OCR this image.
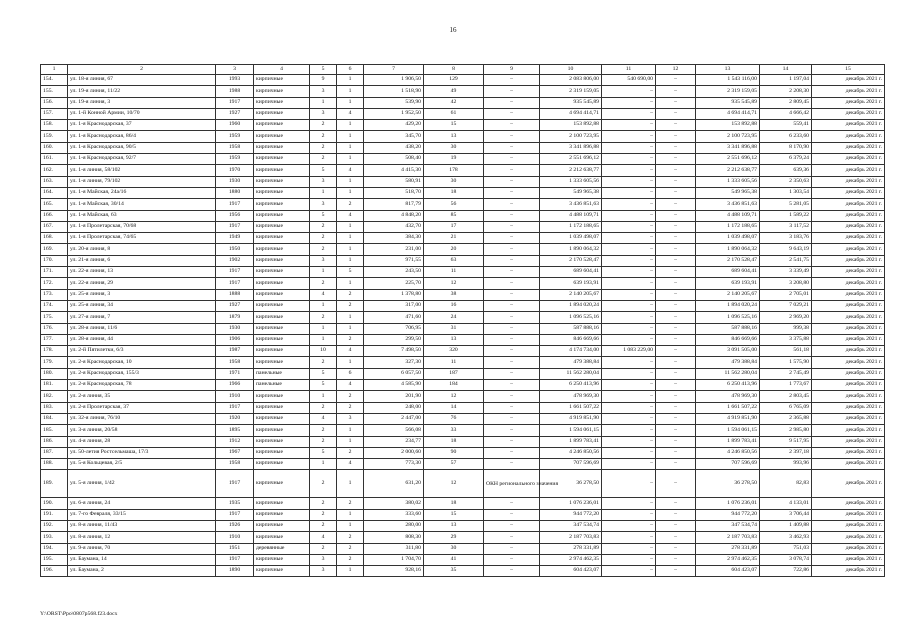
16
1	2	3	4	5	6	7	8	9	10	11	12	13	14	15
154.	ул. 18-я линия, 67	1993	кирпичные	9	1	1 906,50	129	–	2 083 806,00	540 690,00	–	1 543 116,00	1 197,04	декабрь 2021 г.
155.	ул. 19-я линия, 11/22	1988	кирпичные	3	1	1 518,90	49	–	2 319 159,05	–	–	2 319 159,05	2 208,30	декабрь 2021 г.
156.	ул. 19-я линия, 3	1917	кирпичные	1	1	539,90	42	–	935 545,89	–	–	935 545,89	2 809,45	декабрь 2021 г.
157.	ул. 1-й Конной Армии, 10/70	1927	кирпичные	3	4	1 952,50	61	–	4 694 414,71	–	–	4 694 414,71	4 666,42	декабрь 2021 г.
158.	ул. 1-я Краснодарская, 37	1960	кирпичные	2	1	429,20	15	–	153 892,88	–	–	153 892,88	559,41	декабрь 2021 г.
159.	ул. 1-я Краснодарская, 86/4	1959	кирпичные	2	1	345,70	13	–	2 100 723,95	–	–	2 100 723,95	6 233,60	декабрь 2021 г.
160.	ул. 1-я Краснодарская, 90/5	1958	кирпичные	2	1	438,20	30	–	3 341 896,88	–	–	3 341 896,88	8 170,90	декабрь 2021 г.
161.	ул. 1-я Краснодарская, 92/7	1959	кирпичные	2	1	508,40	19	–	2 551 696,12	–	–	2 551 696,12	6 379,24	декабрь 2021 г.
162.	ул. 1-я линия, 58/102	1970	кирпичные	5	4	4 415,30	178	–	2 212 638,77	–	–	2 212 638,77	639,36	декабрь 2021 г.
163.	ул. 1-я линия, 79/102	1930	кирпичные	3	1	580,91	30	–	1 333 605,56	–	–	1 333 605,56	2 350,63	декабрь 2021 г.
164.	ул. 1-я Майская, 24а/16	1880	кирпичные	1	1	518,70	18	–	549 965,38	–	–	549 965,38	1 303,54	декабрь 2021 г.
165.	ул. 1-я Майская, 30/14	1917	кирпичные	3	2	817,79	56	–	3 436 851,63	–	–	3 436 851,63	5 281,05	декабрь 2021 г.
166.	ул. 1-я Майская, 63	1956	кирпичные	5	4	4 848,20	85	–	4 488 109,71	–	–	4 488 109,71	1 589,22	декабрь 2021 г.
167.	ул. 1-я Пролетарская, 70/68	1917	кирпичные	2	1	432,70	17	–	1 172 188,65	–	–	1 172 188,65	3 117,52	декабрь 2021 г.
168.	ул. 1-я Пролетарская, 74/65	1949	кирпичные	2	1	384,30	21	–	1 039 498,07	–	–	1 039 498,07	3 183,76	декабрь 2021 г.
169.	ул. 20-я линия, 8	1950	кирпичные	2	1	231,00	20	–	1 890 064,32	–	–	1 890 064,32	9 643,19	декабрь 2021 г.
170.	ул. 21-я линия, 6	1902	кирпичные	3	1	971,55	63	–	2 170 528,47	–	–	2 170 528,47	2 541,75	декабрь 2021 г.
171.	ул. 22-я линия, 13	1917	кирпичные	1	5	243,50	11	–	689 604,41	–	–	689 604,41	3 339,49	декабрь 2021 г.
172.	ул. 22-я линия, 29	1917	кирпичные	2	1	225,70	12	–	639 193,91	–	–	639 193,91	3 208,80	декабрь 2021 г.
173.	ул. 25-я линия, 3	1888	кирпичные	4	2	1 378,80	38	–	2 140 205,67	–	–	2 140 205,67	2 705,01	декабрь 2021 г.
174.	ул. 25-я линия, 34	1927	кирпичные	1	2	317,00	16	–	1 894 020,24	–	–	1 894 020,24	7 029,21	декабрь 2021 г.
175.	ул. 27-я линия, 7	1879	кирпичные	2	1	471,60	24	–	1 096 525,16	–	–	1 096 525,16	2 969,20	декабрь 2021 г.
176.	ул. 28-я линия, 11/6	1930	кирпичные	1	1	706,95	31	–	587 888,16	–	–	587 888,16	999,38	декабрь 2021 г.
177.	ул. 28-я линия, 44	1906	кирпичные	1	2	299,50	13	–	846 669,66	–	–	846 669,66	3 375,88	декабрь 2021 г.
178.	ул. 2-й Пятилетки, 6/3	1987	кирпичные	10	4	7 498,50	320	–	4 174 734,00	1 083 229,00	–	3 091 505,00	561,18	декабрь 2021 г.
179.	ул. 2-я Краснодарская, 10	1958	кирпичные	2	1	327,30	11	–	479 388,84	–	–	479 388,84	1 575,90	декабрь 2021 г.
180.	ул. 2-я Краснодарская, 155/3	1971	панельные	5	6	6 057,50	187	–	11 562 280,04	–	–	11 562 280,04	2 745,49	декабрь 2021 г.
181.	ул. 2-я Краснодарская, 78	1966	панельные	5	4	4 585,90	184	–	6 250 413,96	–	–	6 250 413,96	1 773,67	декабрь 2021 г.
182.	ул. 2-я линия, 35	1910	кирпичные	1	2	201,90	12	–	478 969,30	–	–	478 969,30	2 803,45	декабрь 2021 г.
183.	ул. 2-я Пролетарская, 37	1917	кирпичные	2	2	248,00	14	–	1 661 507,22	–	–	1 661 507,22	6 765,09	декабрь 2021 г.
184.	ул. 32-я линия, 76/10	1920	кирпичные	4	3	2 447,00	76	–	4 919 851,90	–	–	4 919 851,90	2 365,88	декабрь 2021 г.
185.	ул. 3-я линия, 20/58	1895	кирпичные	2	1	566,08	33	–	1 594 061,15	–	–	1 594 061,15	2 985,80	декабрь 2021 г.
186.	ул. 4-я линия, 28	1912	кирпичные	2	1	234,77	18	–	1 899 783,41	–	–	1 899 783,41	9 517,95	декабрь 2021 г.
187.	ул. 50-летия Ростсельмаша, 17/3	1967	кирпичные	5	2	2 000,60	90	–	4 246 850,56	–	–	4 246 850,56	2 397,18	декабрь 2021 г.
188.	ул. 5-я Кольцевая, 2/5	1958	кирпичные	1	4	773,30	57	–	707 596,69	–	–	707 596,69	993,96	декабрь 2021 г.
189.	ул. 5-я линия, 1/42	1917	кирпичные	2	1	631,20	12	ОКН регионального значения	36 278,50	–	–	36 278,50	82,83	декабрь 2021 г.
190.	ул. 6-я линия, 24	1935	кирпичные	2	2	380,02	18	–	1 076 236,01	–	–	1 076 236,01	4 133,01	декабрь 2021 г.
191.	ул. 7-го Февраля, 33/15	1917	кирпичные	2	1	333,60	15	–	944 772,20	–	–	944 772,20	3 706,44	декабрь 2021 г.
192.	ул. 8-я линия, 11/43	1926	кирпичные	2	1	280,00	13	–	347 534,74	–	–	347 534,74	1 409,88	декабрь 2021 г.
193.	ул. 8-я линия, 12	1910	кирпичные	4	2	808,30	29	–	2 187 703,83	–	–	2 187 703,83	3 462,93	декабрь 2021 г.
194.	ул. 9-я линия, 70	1951	деревянные	2	2	311,80	30	–	278 331,89	–	–	278 331,89	751,03	декабрь 2021 г.
195.	ул. Баумана, 14	1917	кирпичные	3	2	1 704,70	41	–	2 974 462,35	–	–	2 974 462,35	3 078,74	декабрь 2021 г.
196.	ул. Баумана, 2	1890	кирпичные	3	1	928,16	35	–	604 423,07	–	–	604 423,07	722,86	декабрь 2021 г.
Y:\ORST\Ppo\0807p568.f23.docx
